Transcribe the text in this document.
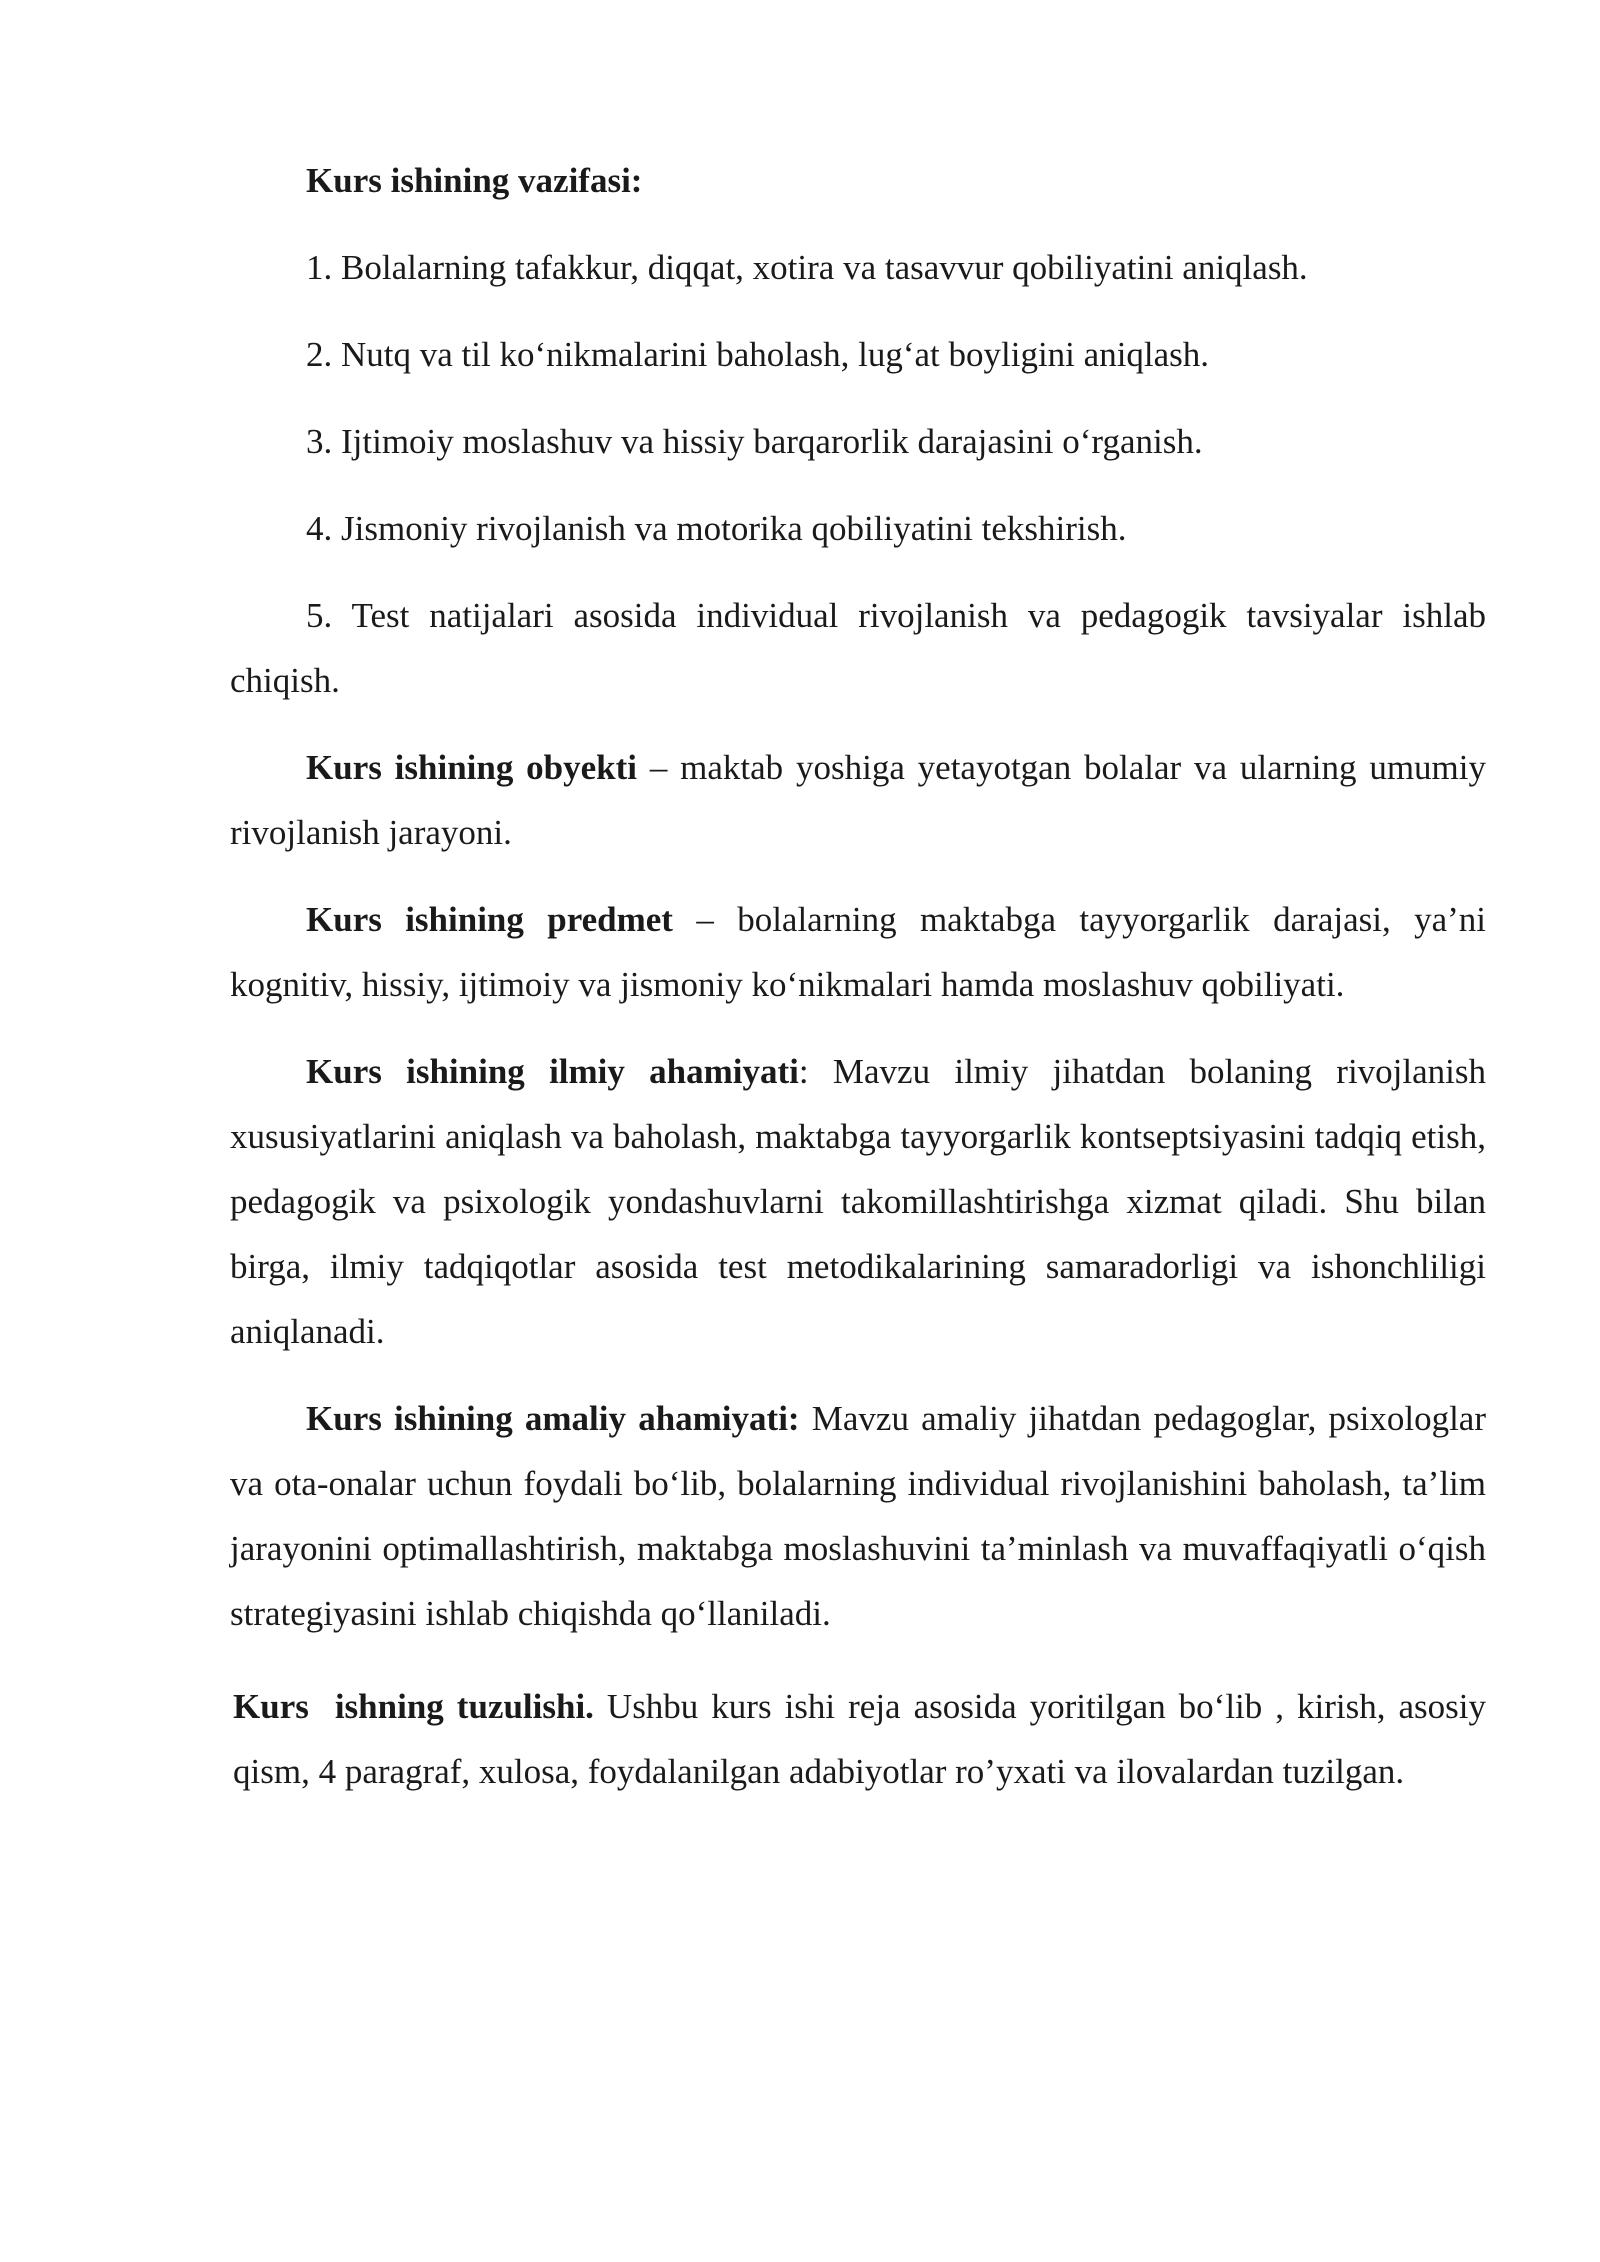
Kurs ishining vazifasi:

1. Bolalarning tafakkur, diqqat, xotira va tasavvur qobiliyatini aniqlash.

2. Nutq va til ko‘nikmalarini baholash, lug‘at boyligini aniqlash.

3. Ijtimoiy moslashuv va hissiy barqarorlik darajasini o‘rganish.

4. Jismoniy rivojlanish va motorika qobiliyatini tekshirish.

5. Test natijalari asosida individual rivojlanish va pedagogik tavsiyalar ishlab chiqish.

Kurs ishining obyekti – maktab yoshiga yetayotgan bolalar va ularning umumiy rivojlanish jarayoni.

Kurs ishining predmet – bolalarning maktabga tayyorgarlik darajasi, ya’ni kognitiv, hissiy, ijtimoiy va jismoniy ko‘nikmalari hamda moslashuv qobiliyati.

Kurs ishining ilmiy ahamiyati: Mavzu ilmiy jihatdan bolaning rivojlanish xususiyatlarini aniqlash va baholash, maktabga tayyorgarlik kontseptsiyasini tadqiq etish, pedagogik va psixologik yondashuvlarni takomillashtirishga xizmat qiladi. Shu bilan birga, ilmiy tadqiqotlar asosida test metodikalarining samaradorligi va ishonchliligi aniqlanadi.

Kurs ishining amaliy ahamiyati: Mavzu amaliy jihatdan pedagoglar, psixologlar va ota-onalar uchun foydali bo‘lib, bolalarning individual rivojlanishini baholash, ta’lim jarayonini optimallashtirish, maktabga moslashuvini ta’minlash va muvaffaqiyatli o‘qish strategiyasini ishlab chiqishda qo‘llaniladi.

Kurs  ishning tuzulishi. Ushbu kurs ishi reja asosida yoritilgan bo‘lib , kirish, asosiy qism, 4 paragraf, xulosa, foydalanilgan adabiyotlar ro’yxati va ilovalardan tuzilgan.
